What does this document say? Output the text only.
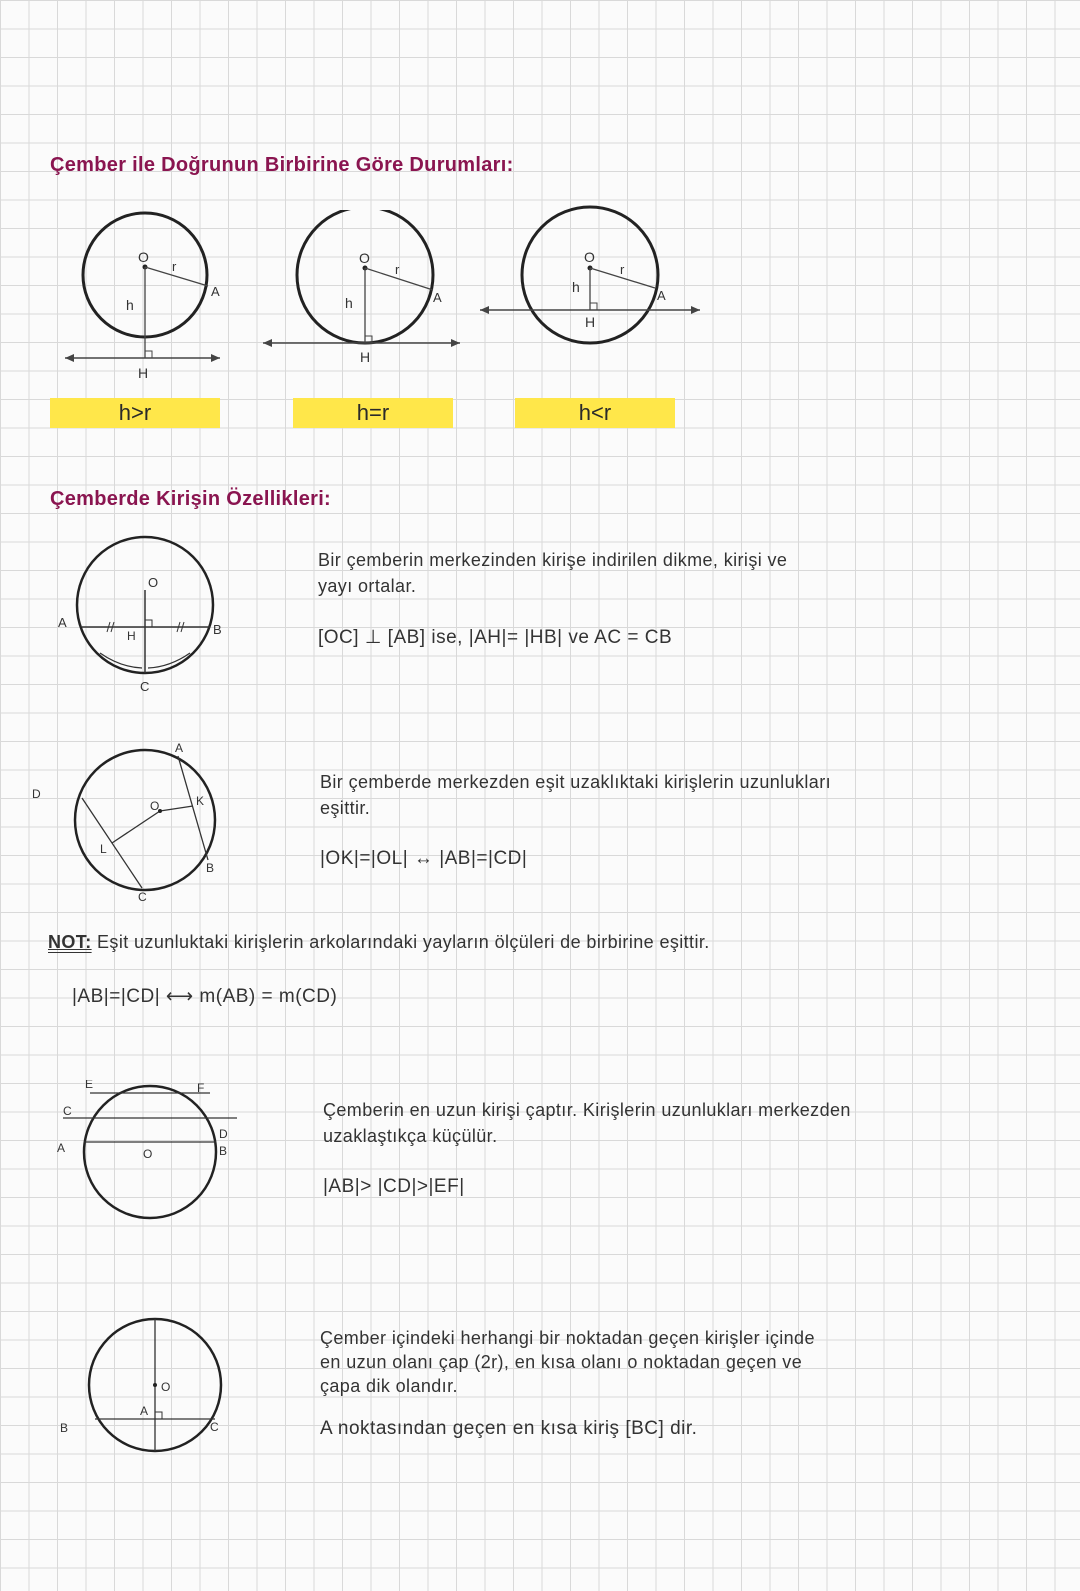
Çember ile Doğrunun Birbirine Göre Durumları:
O
r
h
A
H
h>r
O
r
h	A
H
h=r
O
r
h
A
H
h<r
Çemberde Kirişin Özellikleri:
O
A
H	B
C
Bir çemberin merkezinden kirişe indirilen dikme, kirişi ve
yayı ortalar.
[OC] ⊥ [AB] ise, |AH|= |HB| ve AC = CB
A
D
O	K
L
B
C
Bir çemberde merkezden eşit uzaklıktaki kirişlerin uzunlukları
eşittir.
|OK|=|OL| ↔ |AB|=|CD|
NOT: Eşit uzunluktaki kirişlerin arkolarındaki yayların ölçüleri de birbirine eşittir.
|AB|=|CD| ⟷ m(AB) = m(CD)
E	F
C
D
A	O	B
Çemberin en uzun kirişi çaptır. Kirişlerin uzunlukları merkezden
uzaklaştıkça küçülür.
|AB|> |CD|>|EF|
O
A
B	C
Çember içindeki herhangi bir noktadan geçen kirişler içinde
en uzun olanı çap (2r), en kısa olanı o noktadan geçen ve
çapa dik olandır.
A noktasından geçen en kısa kiriş [BC] dir.
